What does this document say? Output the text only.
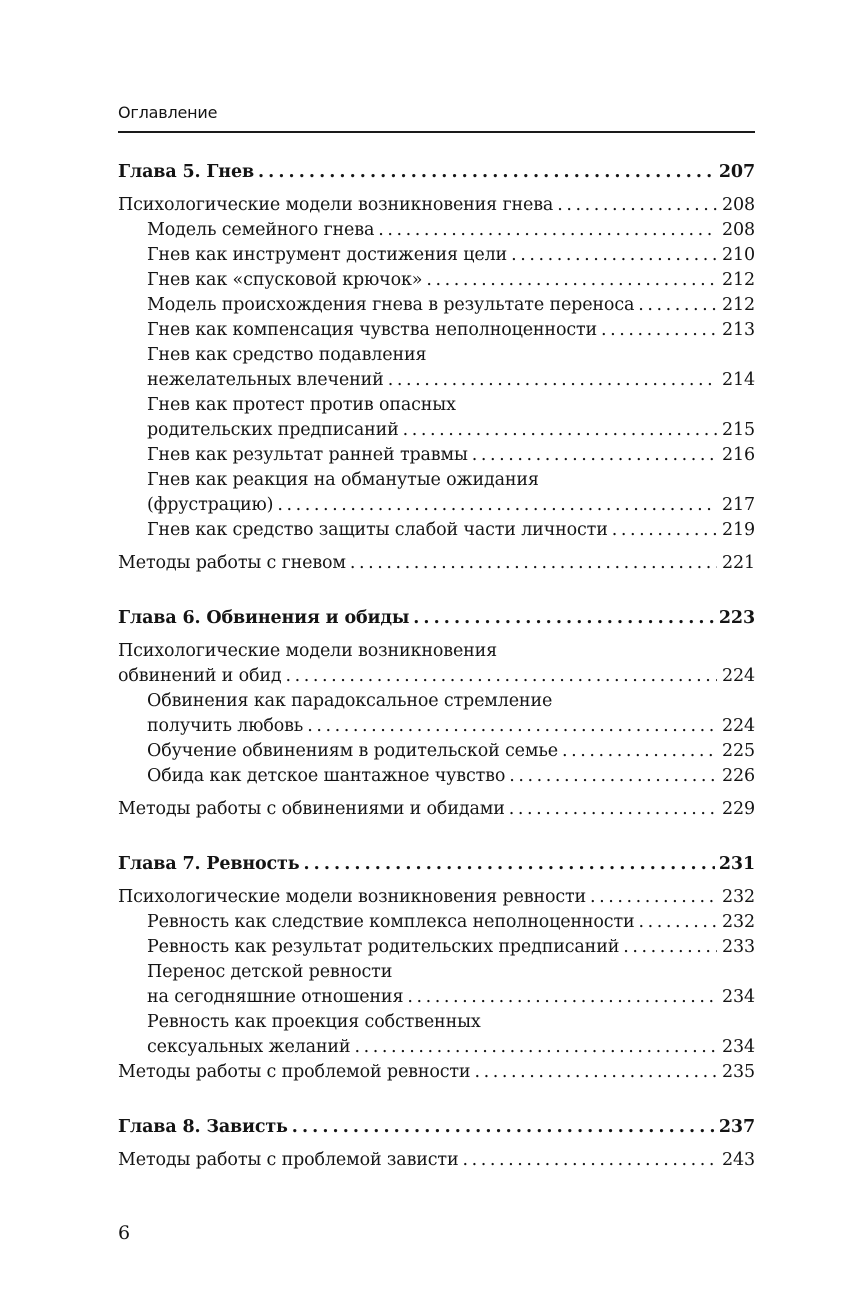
Оглавление
Глава 5. Гнев . . .	207
Психологические модели возникновения гнева . . .	208
Модель семейного гнева . . .	208
Гнев как инструмент достижения цели . . .	210
Гнев как «спусковой крючок» . . .	212
Модель происхождения гнева в результате переноса . . .	212
Гнев как компенсация чувства неполноценности . . .	213
Гнев как средство подавления
нежелательных влечений . . .	214
Гнев как протест против опасных
родительских предписаний . . .	215
Гнев как результат ранней травмы . . .	216
Гнев как реакция на обманутые ожидания
(фрустрацию) . . .	217
Гнев как средство защиты слабой части личности . . .	219
Методы работы с гневом . . .	221
Глава 6. Обвинения и обиды . . .	223
Психологические модели возникновения
обвинений и обид . . .	224
Обвинения как парадоксальное стремление
получить любовь . . .	224
Обучение обвинениям в родительской семье . . .	225
Обида как детское шантажное чувство . . .	226
Методы работы с обвинениями и обидами . . .	229
Глава 7. Ревность . . .	231
Психологические модели возникновения ревности . . .	232
Ревность как следствие комплекса неполноценности . . .	232
Ревность как результат родительских предписаний . . .	233
Перенос детской ревности
на сегодняшние отношения . . .	234
Ревность как проекция собственных
сексуальных желаний . . .	234
Методы работы с проблемой ревности . . .	235
Глава 8. Зависть . . .	237
Методы работы с проблемой зависти . . .	243
6
